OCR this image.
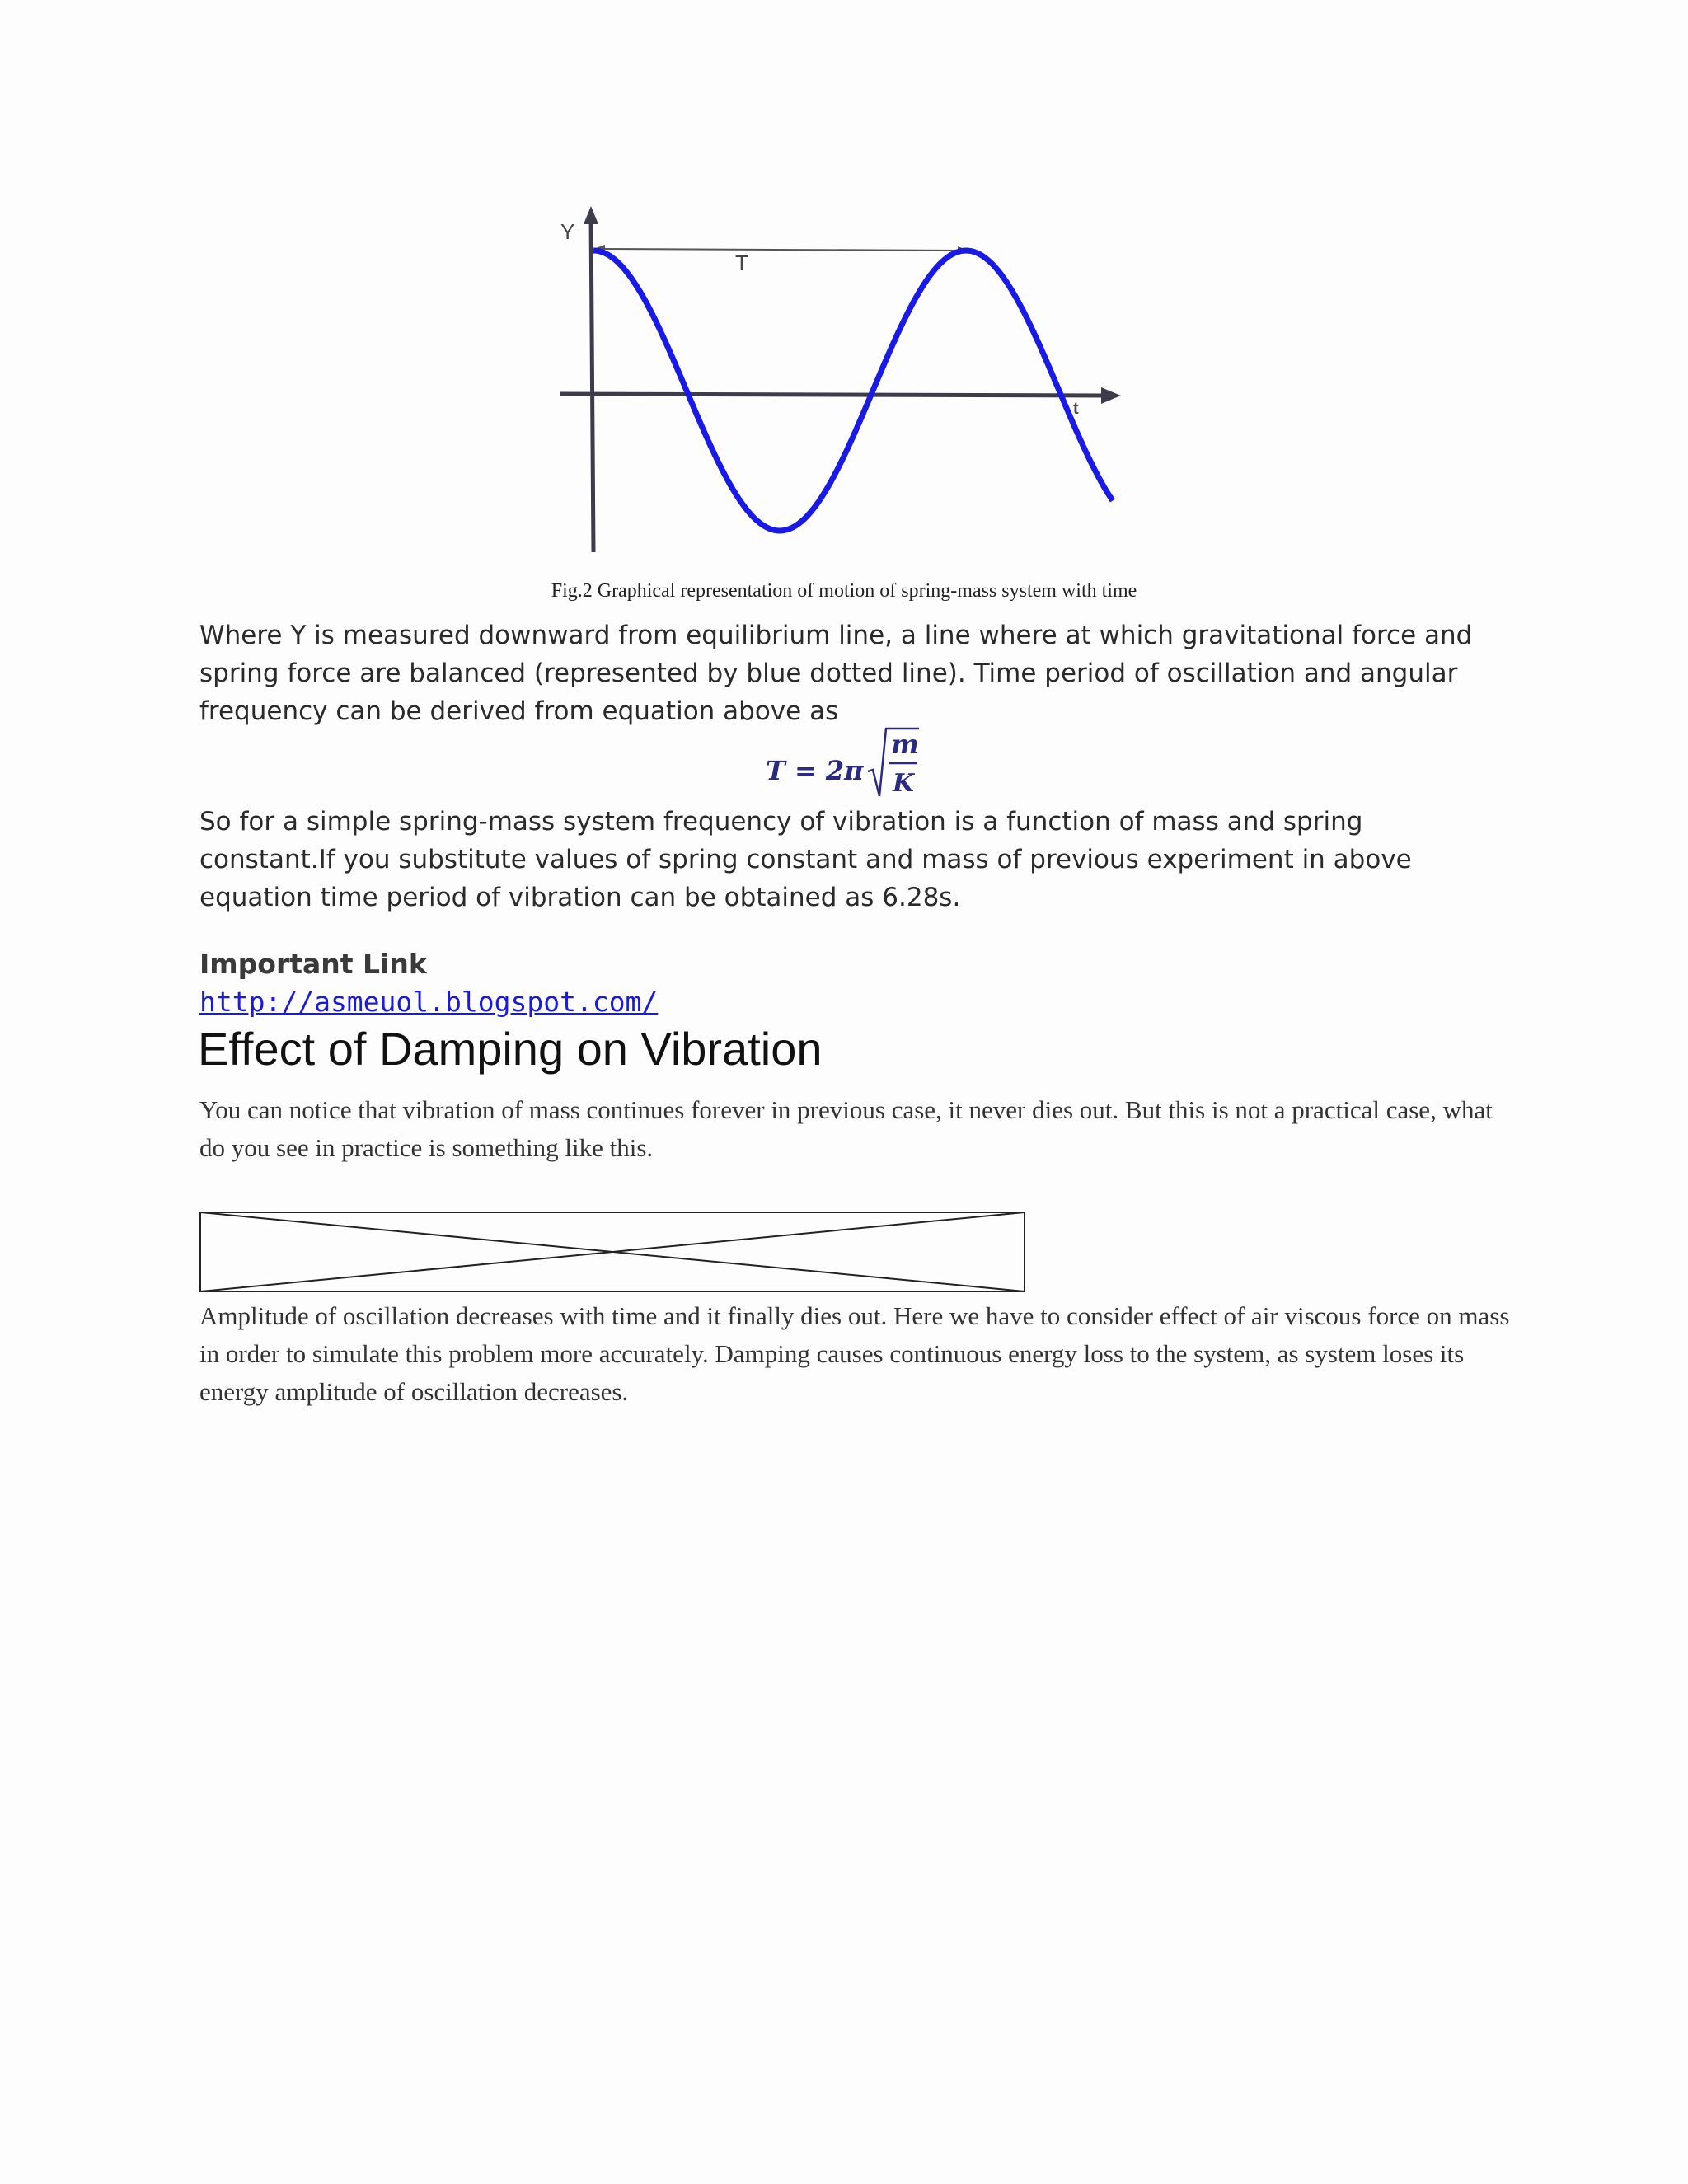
Y
T
t
Fig.2 Graphical representation of motion of spring-mass system with time

Where Y is measured downward from equilibrium line, a line where at which gravitational force and spring force are balanced (represented by blue dotted line). Time period of oscillation and angular frequency can be derived from equation above as

T = 2π
m
K

So for a simple spring-mass system frequency of vibration is a function of mass and spring constant.If you substitute values of spring constant and mass of previous experiment in above equation time period of vibration can be obtained as 6.28s.

Important Link
http://asmeuol.blogspot.com/
Effect of Damping on Vibration

You can notice that vibration of mass continues forever in previous case, it never dies out. But this is not a practical case, what do you see in practice is something like this.

Amplitude of oscillation decreases with time and it finally dies out. Here we have to consider effect of air viscous force on mass in order to simulate this problem more accurately. Damping causes continuous energy loss to the system, as system loses its energy amplitude of oscillation decreases.
